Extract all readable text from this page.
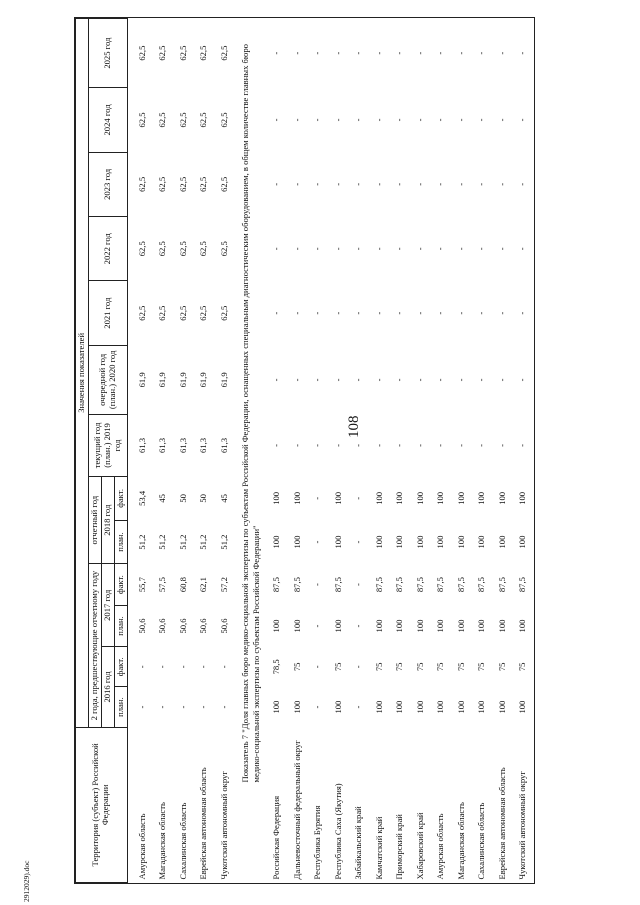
108
2912029).doc
Территория (субъект) Российской Федерации	Значения показателей												
	2 года, предшествующие отчетному году				отчетный год		текущий год (план.) 2019 год	очередной год (план.) 2020 год	2021 год	2022 год	2023 год	2024 год	2025 год
	2016 год		2017 год		2018 год								
	план.	факт.	план.	факт.	план.	факт.							
Амурская область	-	-	50,6	55,7	51,2	53,4	61,3	61,9	62,5	62,5	62,5	62,5	62,5
Магаданская область	-	-	50,6	57,5	51,2	45	61,3	61,9	62,5	62,5	62,5	62,5	62,5
Сахалинская область	-	-	50,6	60,8	51,2	50	61,3	61,9	62,5	62,5	62,5	62,5	62,5
Еврейская автономная область	-	-	50,6	62,1	51,2	50	61,3	61,9	62,5	62,5	62,5	62,5	62,5
Чукотский автономный округ	-	-	50,6	57,2	51,2	45	61,3	61,9	62,5	62,5	62,5	62,5	62,5
Показатель 7 "Доля главных бюро медико-социальной экспертизы по субъектам Российской Федерации, оснащенных специальным диагностическим оборудованием, в общем количестве главных бюро медико-социальной экспертизы по субъектам Российской Федерации"													
Российская Федерация	100	78,5	100	87,5	100	100	-	-	-	-	-	-	-
Дальневосточный федеральный округ	100	75	100	87,5	100	100	-	-	-	-	-	-	-
Республика Бурятия	-	-	-	-	-	-	-	-	-	-	-	-	-
Республика Саха (Якутия)	100	75	100	87,5	100	100	-	-	-	-	-	-	-
Забайкальский край	-	-	-	-	-	-	-	-	-	-	-	-	-
Камчатский край	100	75	100	87,5	100	100	-	-	-	-	-	-	-
Приморский край	100	75	100	87,5	100	100	-	-	-	-	-	-	-
Хабаровский край	100	75	100	87,5	100	100	-	-	-	-	-	-	-
Амурская область	100	75	100	87,5	100	100	-	-	-	-	-	-	-
Магаданская область	100	75	100	87,5	100	100	-	-	-	-	-	-	-
Сахалинская область	100	75	100	87,5	100	100	-	-	-	-	-	-	-
Еврейская автономная область	100	75	100	87,5	100	100	-	-	-	-	-	-	-
Чукотский автономный округ	100	75	100	87,5	100	100	-	-	-	-	-	-	-
